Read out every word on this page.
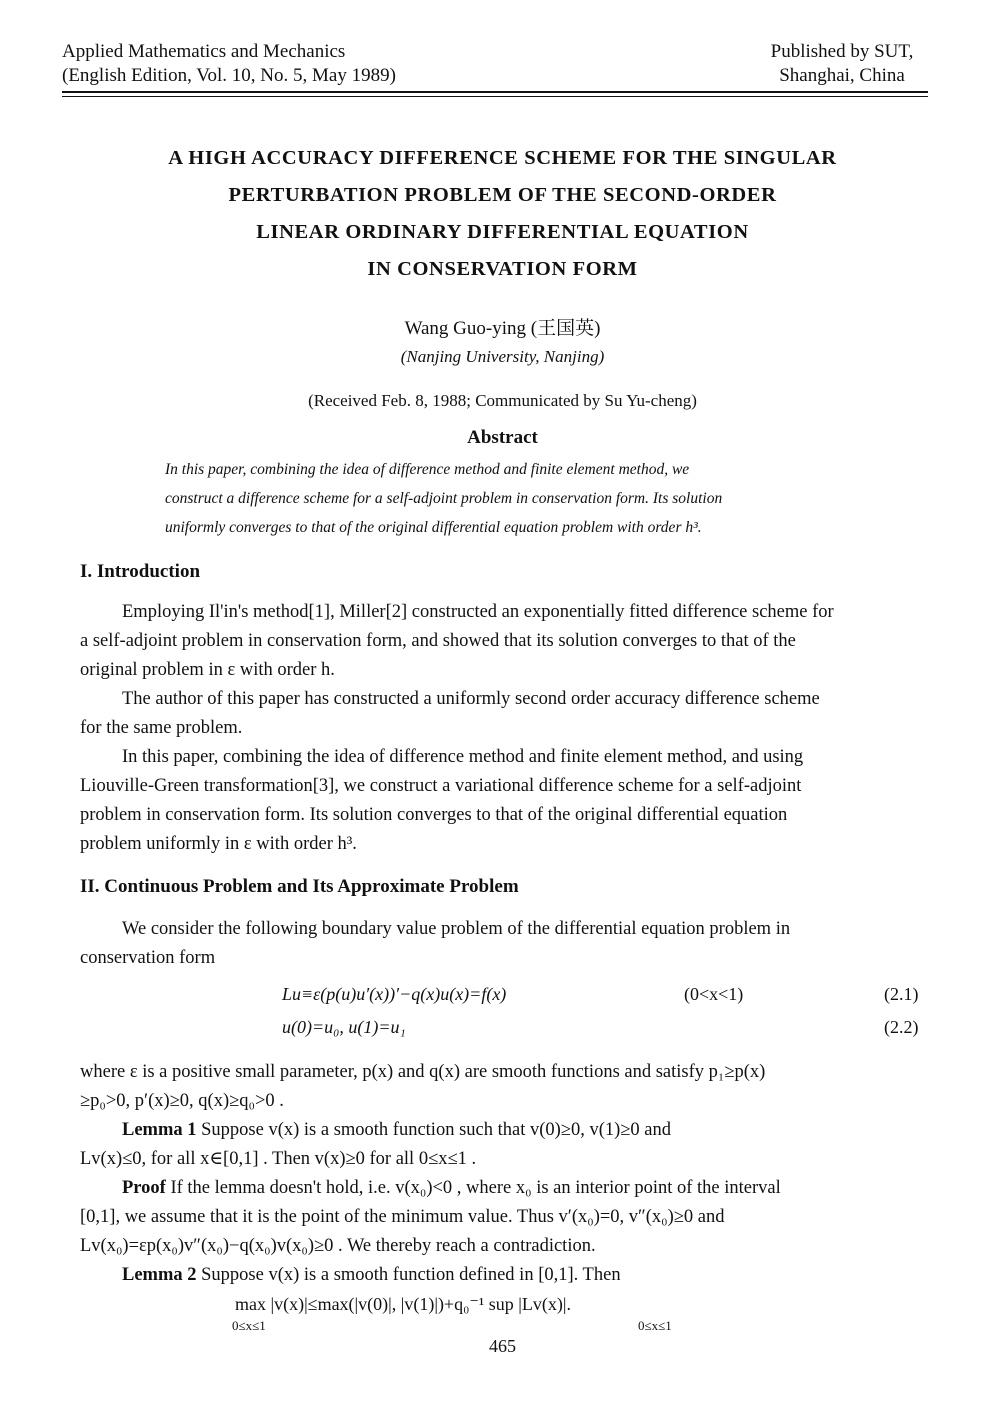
Applied Mathematics and Mechanics
(English Edition, Vol. 10, No. 5, May 1989)
Published by SUT,
Shanghai, China
A HIGH ACCURACY DIFFERENCE SCHEME FOR THE SINGULAR
PERTURBATION PROBLEM OF THE SECOND-ORDER
LINEAR ORDINARY DIFFERENTIAL EQUATION
IN CONSERVATION FORM
Wang Guo-ying (王国英)
(Nanjing University, Nanjing)
(Received Feb. 8, 1988; Communicated by Su Yu-cheng)
Abstract
In this paper, combining the idea of difference method and finite element method, we
construct a difference scheme for a self-adjoint problem in conservation form. Its solution
uniformly converges to that of the original differential equation problem with order h³.
I. Introduction
Employing Il'in's method[1], Miller[2] constructed an exponentially fitted difference scheme for
a self-adjoint problem in conservation form, and showed that its solution converges to that of the
original problem in ε with order h.
The author of this paper has constructed a uniformly second order accuracy difference scheme
for the same problem.
In this paper, combining the idea of difference method and finite element method, and using
Liouville-Green transformation[3], we construct a variational difference scheme for a self-adjoint
problem in conservation form. Its solution converges to that of the original differential equation
problem uniformly in ε with order h³.
II. Continuous Problem and Its Approximate Problem
We consider the following boundary value problem of the differential equation problem in
conservation form
Lu≡ε(p(u)u′(x))′−q(x)u(x)=f(x)	(0<x<1)	(2.1)
u(0)=u₀, u(1)=u₁	(2.2)
where ε is a positive small parameter, p(x) and q(x) are smooth functions and satisfy p₁≥p(x)
≥p₀>0, p′(x)≥0, q(x)≥q₀>0 .
Lemma 1 Suppose v(x) is a smooth function such that v(0)≥0, v(1)≥0 and
Lv(x)≤0, for all x∈[0,1] . Then v(x)≥0 for all 0≤x≤1 .
Proof If the lemma doesn't hold, i.e. v(x₀)<0 , where x₀ is an interior point of the interval
[0,1], we assume that it is the point of the minimum value. Thus v′(x₀)=0, v″(x₀)≥0 and
Lv(x₀)=εp(x₀)v″(x₀)−q(x₀)v(x₀)≥0 . We thereby reach a contradiction.
Lemma 2 Suppose v(x) is a smooth function defined in [0,1]. Then
max |v(x)|≤max(|v(0)|, |v(1)|)+q₀⁻¹ sup |Lv(x)|.
0≤x≤1	0≤x≤1
465
